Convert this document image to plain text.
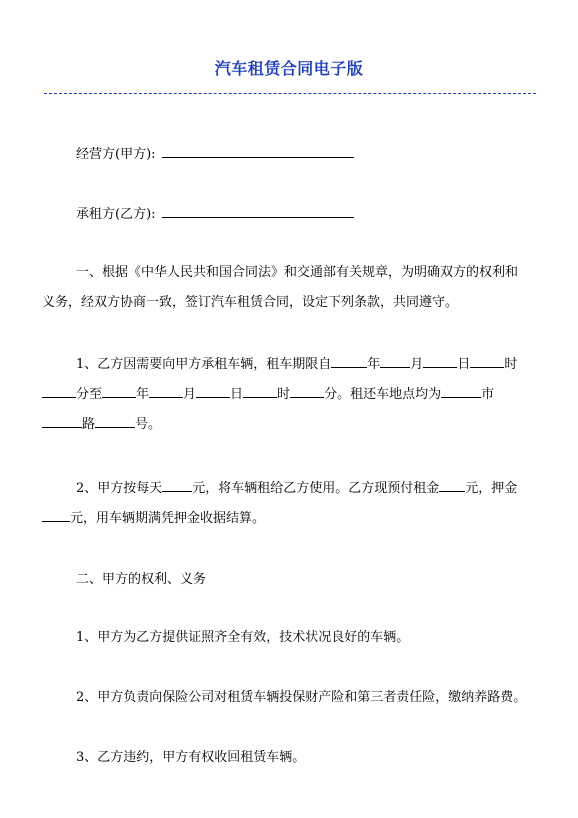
汽车租赁合同电子版
经营方(甲方):
承租方(乙方):
一、根据《中华人民共和国合同法》和交通部有关规章，为明确双方的权利和
义务，经双方协商一致，签订汽车租赁合同，设定下列条款，共同遵守。
1、乙方因需要向甲方承租车辆，租车期限自	年 月	日	时
分至	年	月	日	时	分。租还车地点均为	市
路	号。
2、甲方按每天 元，将车辆租给乙方使用。乙方现预付租金 元，押金
元，用车辆期满凭押金收据结算。
二、甲方的权利、义务
1、甲方为乙方提供证照齐全有效，技术状况良好的车辆。
2、甲方负责向保险公司对租赁车辆投保财产险和第三者责任险，缴纳养路费。
3、乙方违约，甲方有权收回租赁车辆。
